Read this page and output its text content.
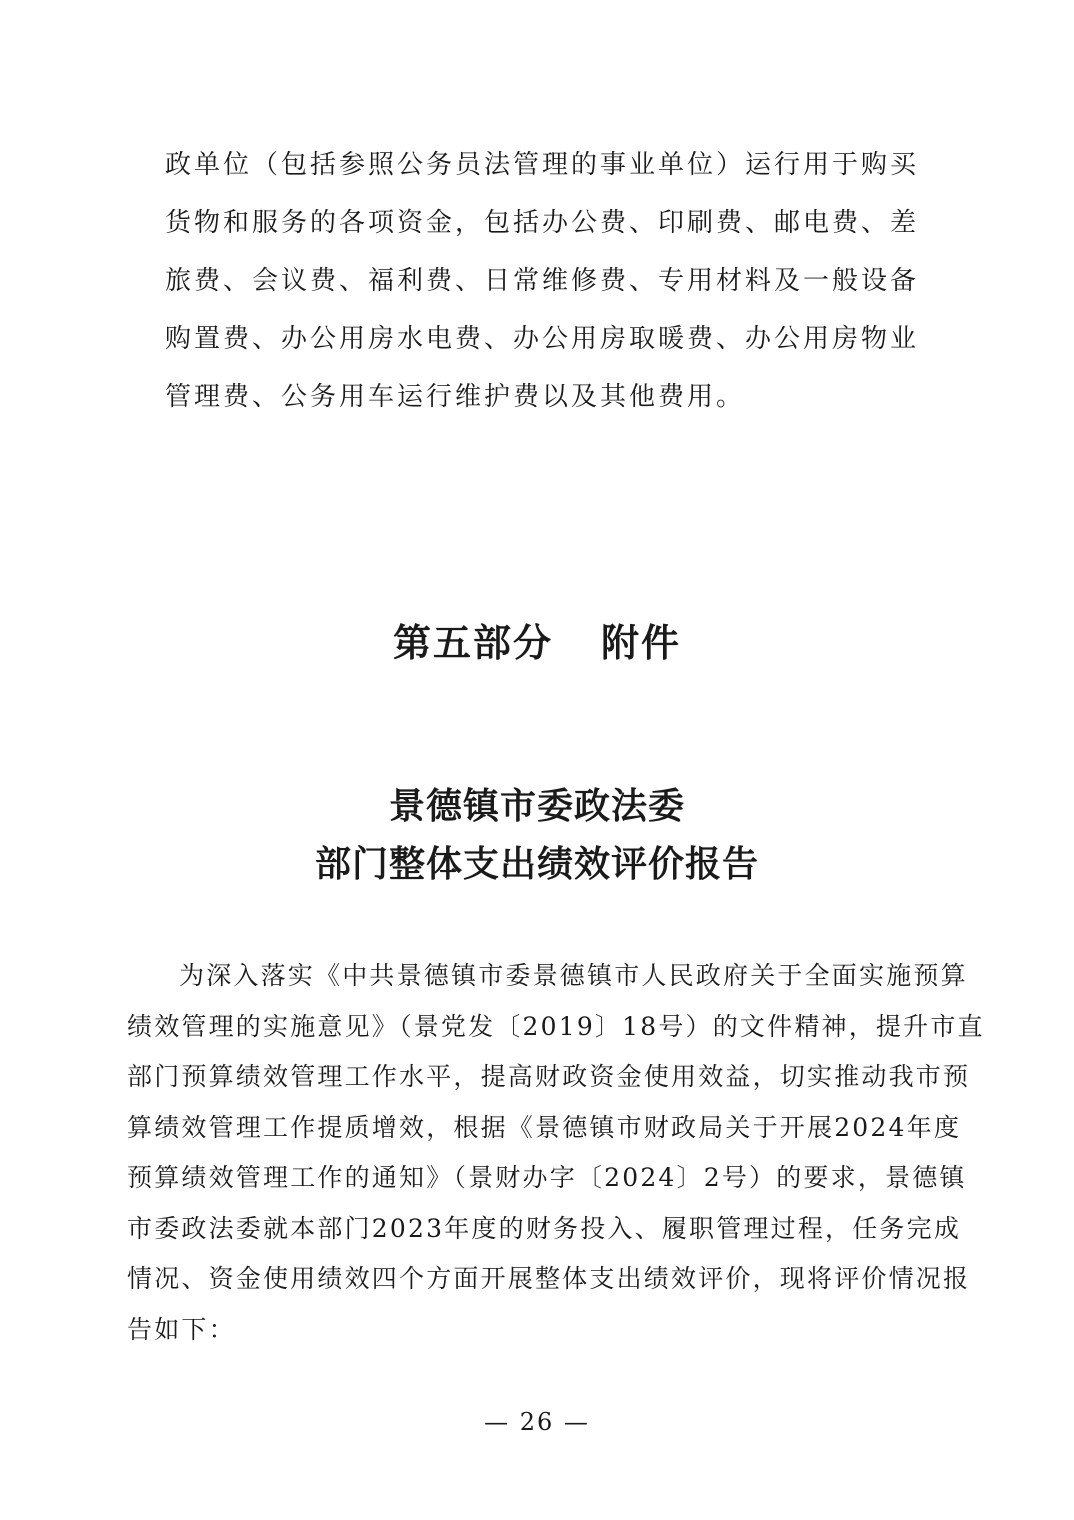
政单位（包括参照公务员法管理的事业单位）运行用于购买
货物和服务的各项资金，包括办公费、印刷费、邮电费、差
旅费、会议费、福利费、日常维修费、专用材料及一般设备
购置费、办公用房水电费、办公用房取暖费、办公用房物业
管理费、公务用车运行维护费以及其他费用。
第五部分 附件
景德镇市委政法委
部门整体支出绩效评价报告
为深入落实《中共景德镇市委景德镇市人民政府关于全面实施预算
绩效管理的实施意见》（景党发〔2019〕18号）的文件精神，提升市直
部门预算绩效管理工作水平，提高财政资金使用效益，切实推动我市预
算绩效管理工作提质增效，根据《景德镇市财政局关于开展2024年度
预算绩效管理工作的通知》（景财办字〔2024〕2号）的要求，景德镇
市委政法委就本部门2023年度的财务投入、履职管理过程，任务完成
情况、资金使用绩效四个方面开展整体支出绩效评价，现将评价情况报
告如下：
— 26 —
